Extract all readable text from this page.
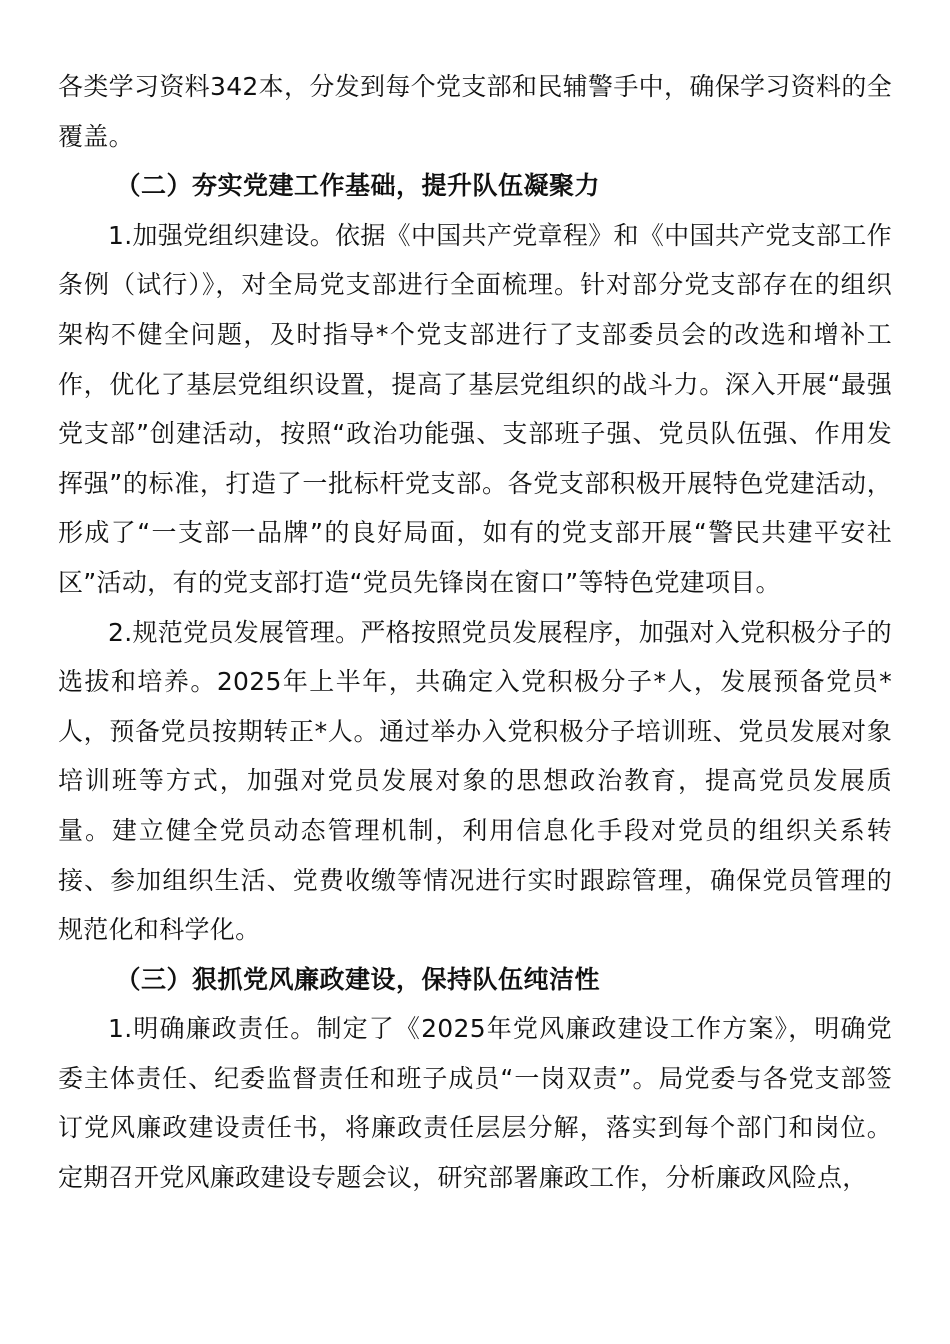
各类学习资料342本，分发到每个党支部和民辅警手中，确保学习资料的全覆盖。

（二）夯实党建工作基础，提升队伍凝聚力

1.加强党组织建设。依据《中国共产党章程》和《中国共产党支部工作条例（试行）》，对全局党支部进行全面梳理。针对部分党支部存在的组织架构不健全问题，及时指导*个党支部进行了支部委员会的改选和增补工作，优化了基层党组织设置，提高了基层党组织的战斗力。深入开展“最强党支部”创建活动，按照“政治功能强、支部班子强、党员队伍强、作用发挥强”的标准，打造了一批标杆党支部。各党支部积极开展特色党建活动，形成了“一支部一品牌”的良好局面，如有的党支部开展“警民共建平安社区”活动，有的党支部打造“党员先锋岗在窗口”等特色党建项目。

2.规范党员发展管理。严格按照党员发展程序，加强对入党积极分子的选拔和培养。2025年上半年，共确定入党积极分子*人，发展预备党员*人，预备党员按期转正*人。通过举办入党积极分子培训班、党员发展对象培训班等方式，加强对党员发展对象的思想政治教育，提高党员发展质量。建立健全党员动态管理机制，利用信息化手段对党员的组织关系转接、参加组织生活、党费收缴等情况进行实时跟踪管理，确保党员管理的规范化和科学化。

（三）狠抓党风廉政建设，保持队伍纯洁性

1.明确廉政责任。制定了《2025年党风廉政建设工作方案》，明确党委主体责任、纪委监督责任和班子成员“一岗双责”。局党委与各党支部签订党风廉政建设责任书，将廉政责任层层分解，落实到每个部门和岗位。定期召开党风廉政建设专题会议，研究部署廉政工作，分析廉政风险点，
